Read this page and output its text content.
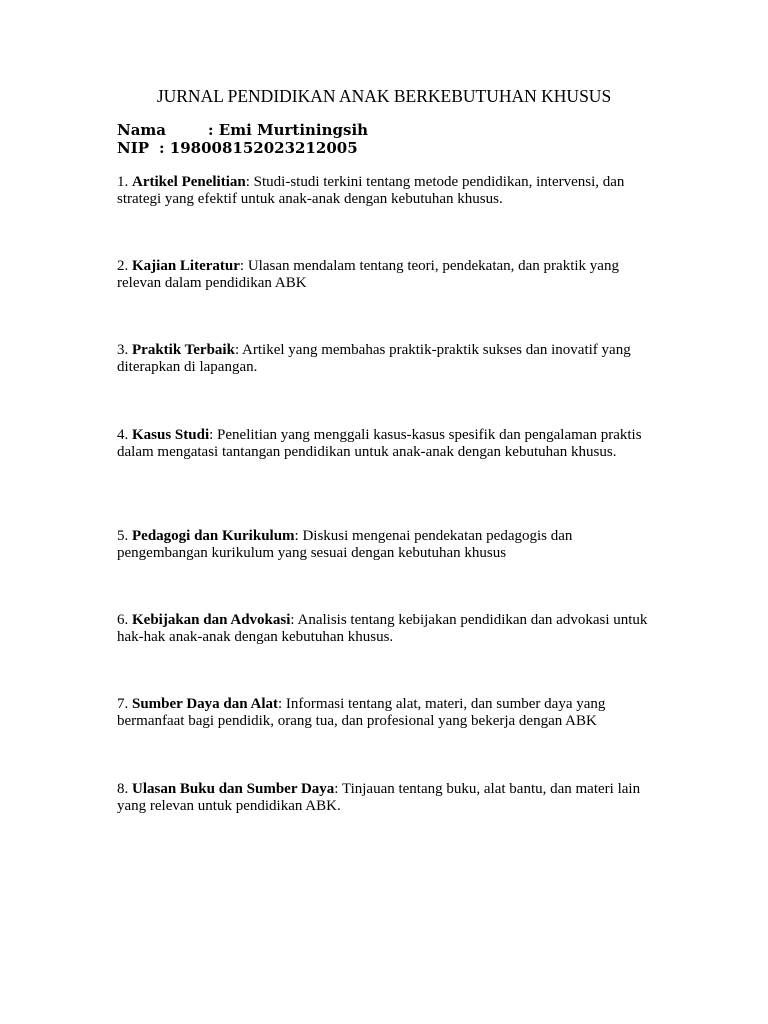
JURNAL PENDIDIKAN ANAK BERKEBUTUHAN KHUSUS
Nama	: Emi Murtiningsih
NIP : 198008152023212005
1. Artikel Penelitian: Studi-studi terkini tentang metode pendidikan, intervensi, dan strategi yang efektif untuk anak-anak dengan kebutuhan khusus.
2. Kajian Literatur: Ulasan mendalam tentang teori, pendekatan, dan praktik yang relevan dalam pendidikan ABK
3. Praktik Terbaik: Artikel yang membahas praktik-praktik sukses dan inovatif yang diterapkan di lapangan.
4. Kasus Studi: Penelitian yang menggali kasus-kasus spesifik dan pengalaman praktis dalam mengatasi tantangan pendidikan untuk anak-anak dengan kebutuhan khusus.
5. Pedagogi dan Kurikulum: Diskusi mengenai pendekatan pedagogis dan pengembangan kurikulum yang sesuai dengan kebutuhan khusus
6. Kebijakan dan Advokasi: Analisis tentang kebijakan pendidikan dan advokasi untuk hak-hak anak-anak dengan kebutuhan khusus.
7. Sumber Daya dan Alat: Informasi tentang alat, materi, dan sumber daya yang bermanfaat bagi pendidik, orang tua, dan profesional yang bekerja dengan ABK
8. Ulasan Buku dan Sumber Daya: Tinjauan tentang buku, alat bantu, dan materi lain yang relevan untuk pendidikan ABK.
